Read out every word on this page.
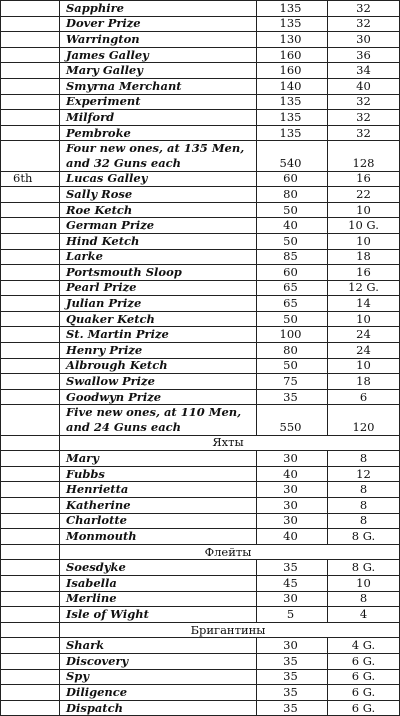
	Sapphire	135	32
	Dover Prize	135	32
	Warrington	130	30
	James Galley	160	36
	Mary Galley	160	34
	Smyrna Merchant	140	40
	Experiment	135	32
	Milford	135	32
	Pembroke	135	32
	Four new ones, at 135 Men, and 32 Guns each	540	128
6th	Lucas Galley	60	16
	Sally Rose	80	22
	Roe Ketch	50	10
	German Prize	40	10 G.
	Hind Ketch	50	10
	Larke	85	18
	Portsmouth Sloop	60	16
	Pearl Prize	65	12 G.
	Julian Prize	65	14
	Quaker Ketch	50	10
	St. Martin Prize	100	24
	Henry Prize	80	24
	Albrough Ketch	50	10
	Swallow Prize	75	18
	Goodwyn Prize	35	6
	Five new ones, at 110 Men, and 24 Guns each	550	120
	Яхты		
	Mary	30	8
	Fubbs	40	12
	Henrietta	30	8
	Katherine	30	8
	Charlotte	30	8
	Monmouth	40	8 G.
	Флейты		
	Soesdyke	35	8 G.
	Isabella	45	10
	Merline	30	8
	Isle of Wight	5	4
	Бригантины		
	Shark	30	4 G.
	Discovery	35	6 G.
	Spy	35	6 G.
	Diligence	35	6 G.
	Dispatch	35	6 G.
